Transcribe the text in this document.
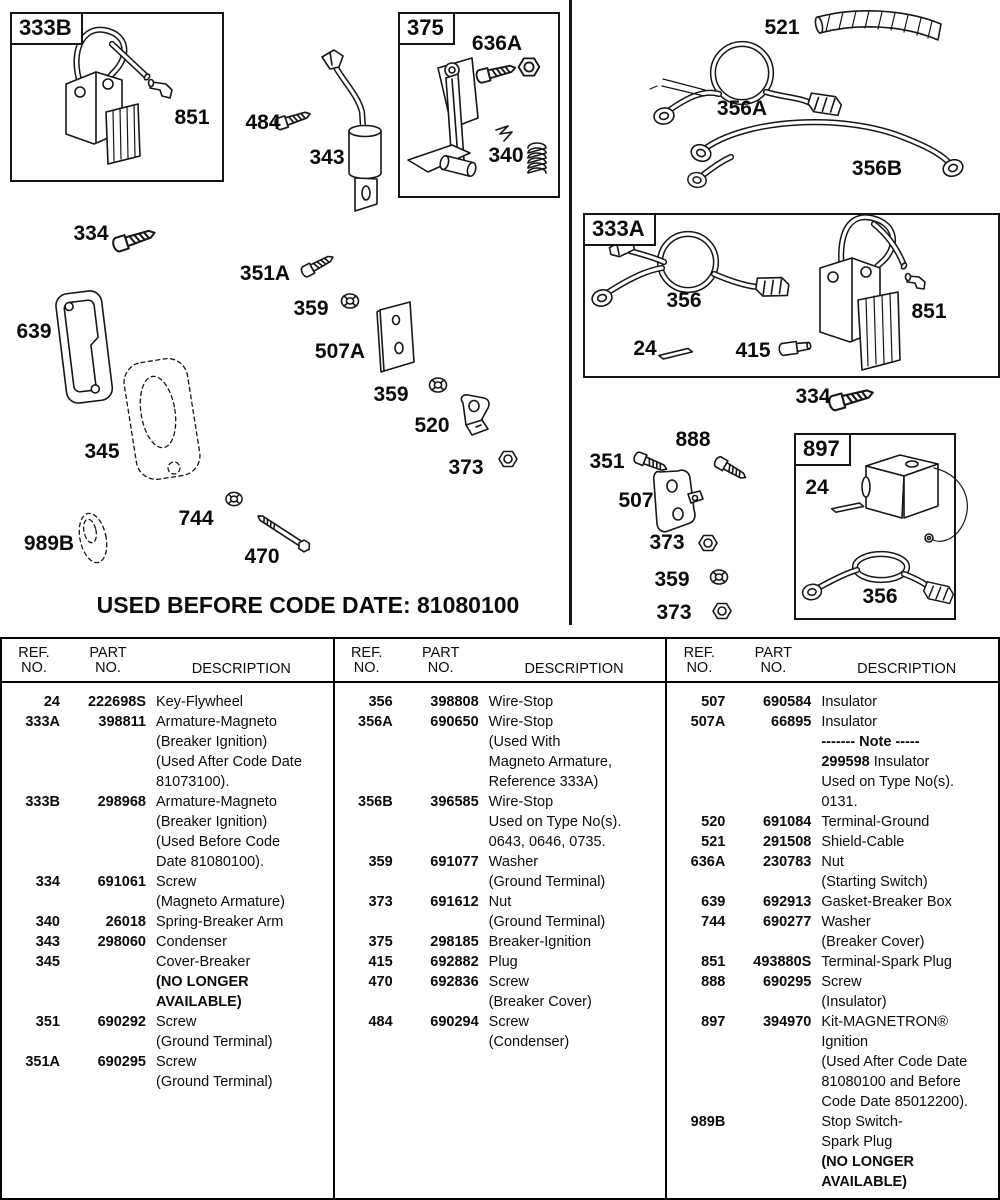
333B	375
333A
897
851 484
343
636A
340
521
356A
356B
356
24	415
851
334
888
351
507
373
359
373
24
356
334
639
345
989B
744
470
351A
359
507A
359
520
373
USED BEFORE CODE DATE: 81080100
REF.
NO.
PART
NO.	DESCRIPTION
REF.
NO.
PART
NO.	DESCRIPTION
REF.
NO.
PART
NO.	DESCRIPTION
24	222698S Key-Flywheel
333A	398811 Armature-Magneto
(Breaker Ignition)
(Used After Code Date
81073100).
333B	298968 Armature-Magneto
(Breaker Ignition)
(Used Before Code
Date 81080100).
334	691061 Screw
(Magneto Armature)
340	26018 Spring-Breaker Arm
343	298060 Condenser
345	Cover-Breaker
(NO LONGER
AVAILABLE)
351	690292 Screw
(Ground Terminal)
351A	690295 Screw
(Ground Terminal)
356	398808 Wire-Stop
356A	690650 Wire-Stop
(Used With
Magneto Armature,
Reference 333A)
356B	396585 Wire-Stop
Used on Type No(s).
0643, 0646, 0735.
359	691077 Washer
(Ground Terminal)
373	691612 Nut
(Ground Terminal)
375	298185 Breaker-Ignition
415	692882 Plug
470	692836 Screw
(Breaker Cover)
484	690294 Screw
(Condenser)
507	690584 Insulator
507A	66895 Insulator
------- Note -----
299598 Insulator
Used on Type No(s).
0131.
520	691084 Terminal-Ground
521	291508 Shield-Cable
636A	230783 Nut
(Starting Switch)
639	692913 Gasket-Breaker Box
744	690277 Washer
(Breaker Cover)
851	493880S Terminal-Spark Plug
888	690295 Screw
(Insulator)
897	394970 Kit-MAGNETRON®
Ignition
(Used After Code Date
81080100 and Before
Code Date 85012200).
989B	Stop Switch-
Spark Plug
(NO LONGER
AVAILABLE)
